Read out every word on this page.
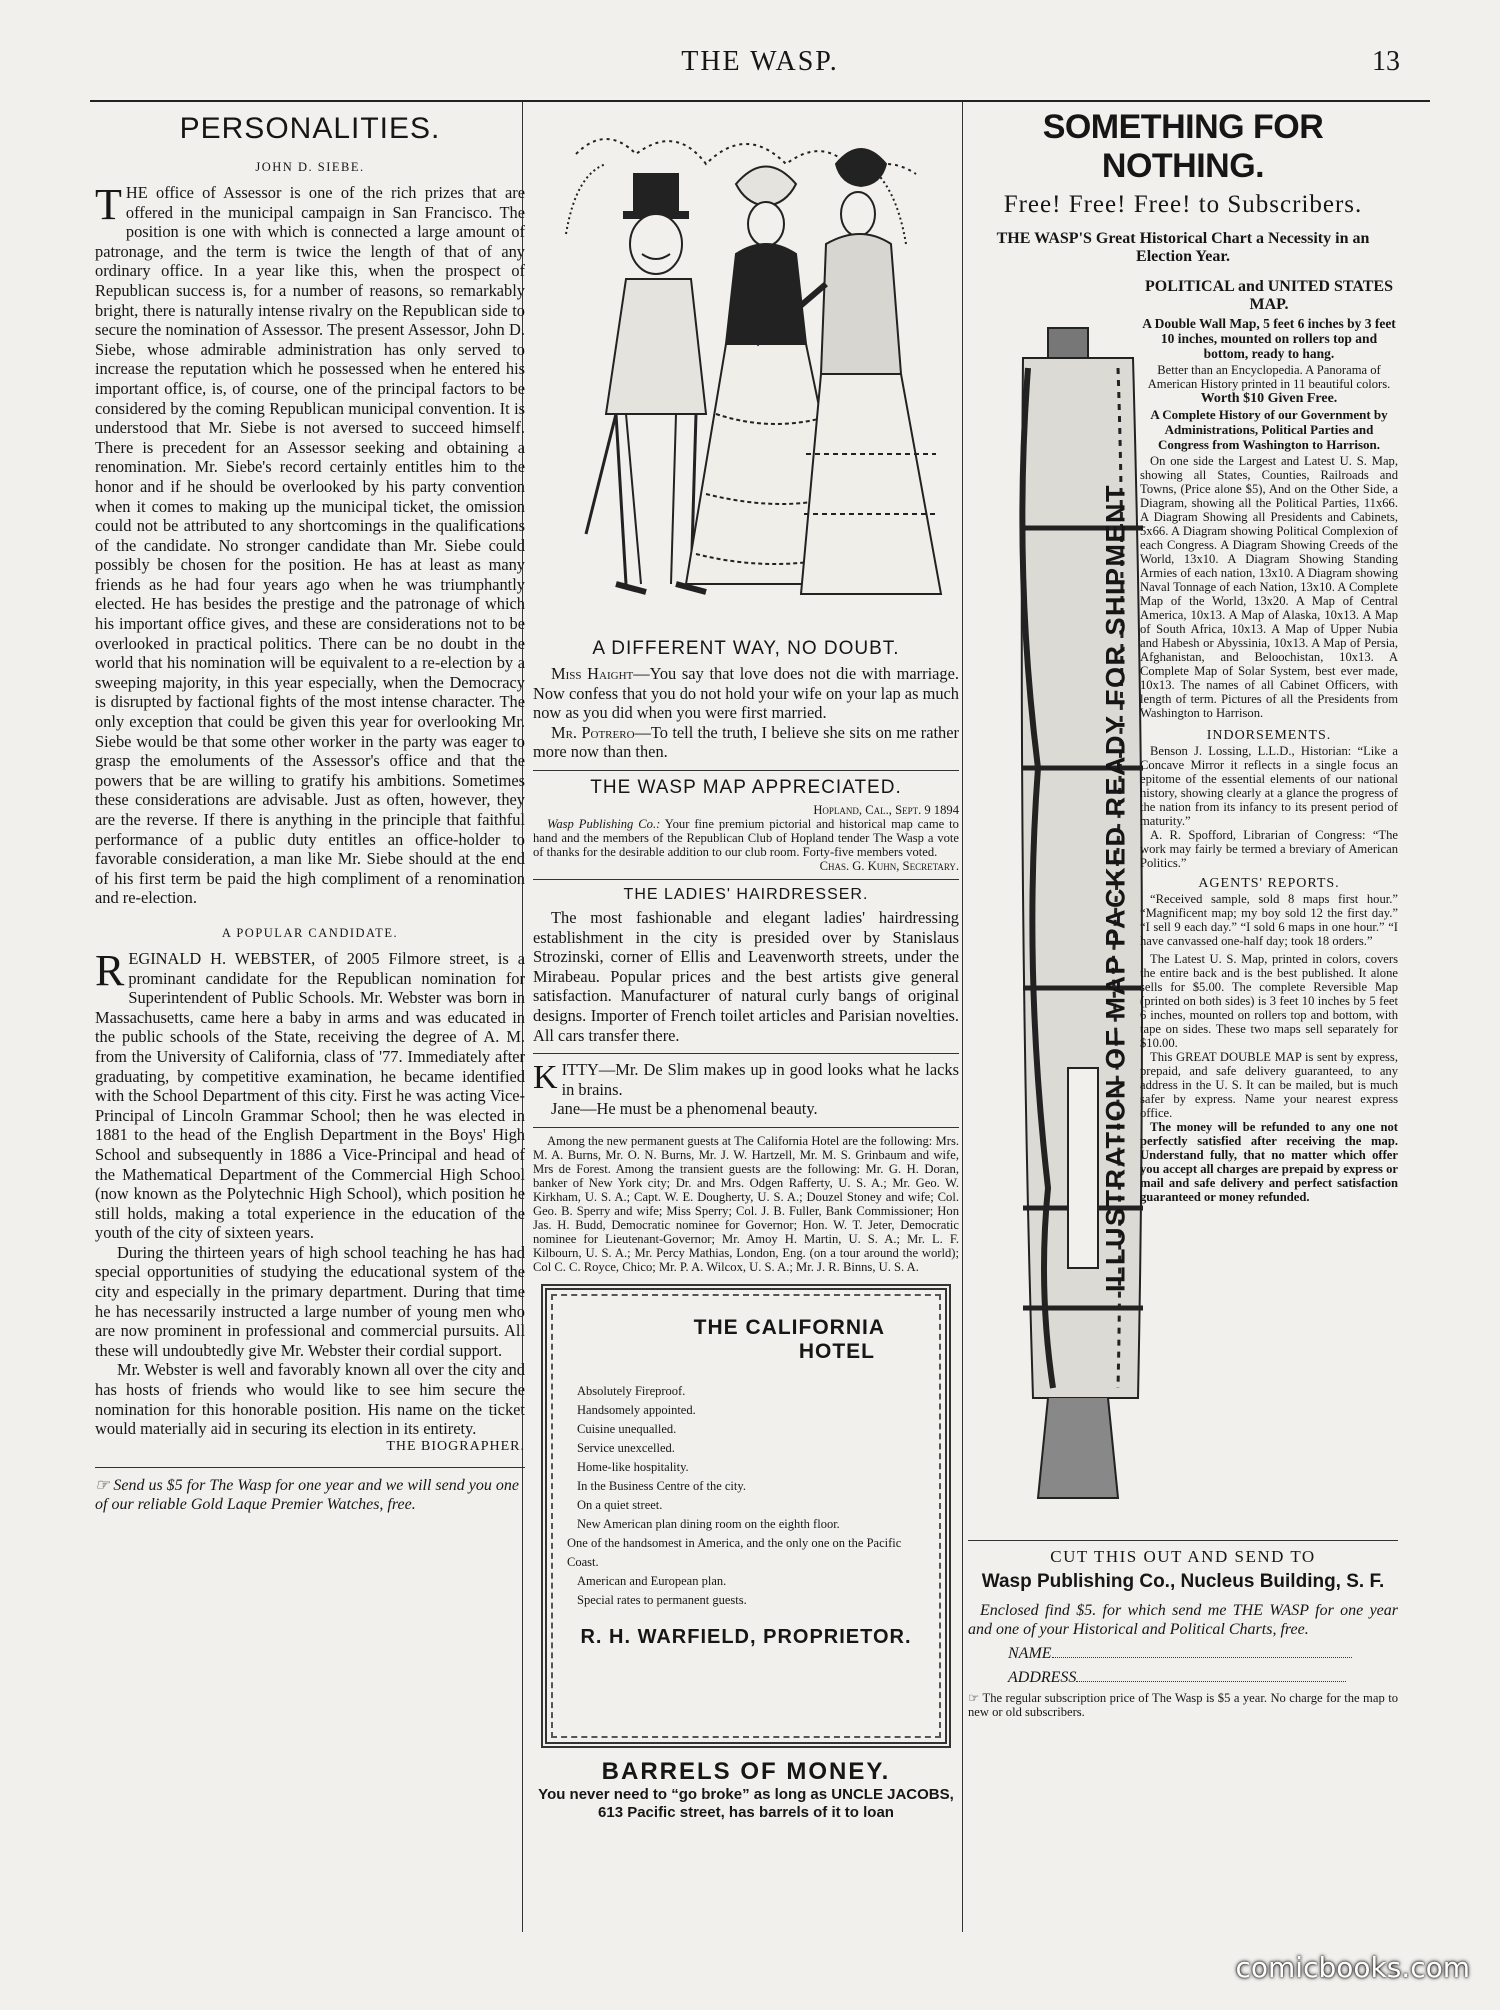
THE WASP.	13
PERSONALITIES.
JOHN D. SIEBE.

THE office of Assessor is one of the rich prizes that are offered in the municipal campaign in San Francisco. The position is one with which is connected a large amount of patronage, and the term is twice the length of that of any ordinary office. In a year like this, when the prospect of Republican success is, for a number of reasons, so remarkably bright, there is naturally intense rivalry on the Republican side to secure the nomination of Assessor. The present Assessor, John D. Siebe, whose admirable administration has only served to increase the reputation which he possessed when he entered his important office, is, of course, one of the principal factors to be considered by the coming Republican municipal convention. It is understood that Mr. Siebe is not aversed to succeed himself. There is precedent for an Assessor seeking and obtaining a renomination. Mr. Siebe's record certainly entitles him to the honor and if he should be overlooked by his party convention when it comes to making up the municipal ticket, the omission could not be attributed to any shortcomings in the qualifications of the candidate. No stronger candidate than Mr. Siebe could possibly be chosen for the position. He has at least as many friends as he had four years ago when he was triumphantly elected. He has besides the prestige and the patronage of which his important office gives, and these are considerations not to be overlooked in practical politics. There can be no doubt in the world that his nomination will be equivalent to a re-election by a sweeping majority, in this year especially, when the Democracy is disrupted by factional fights of the most intense character. The only exception that could be given this year for overlooking Mr. Siebe would be that some other worker in the party was eager to grasp the emoluments of the Assessor's office and that the powers that be are willing to gratify his ambitions. Sometimes these considerations are advisable. Just as often, however, they are the reverse. If there is anything in the principle that faithful performance of a public duty entitles an office-holder to favorable consideration, a man like Mr. Siebe should at the end of his first term be paid the high compliment of a renomination and re-election.

A POPULAR CANDIDATE.

REGINALD H. WEBSTER, of 2005 Filmore street, is a prominant candidate for the Republican nomination for Superintendent of Public Schools. Mr. Webster was born in Massachusetts, came here a baby in arms and was educated in the public schools of the State, receiving the degree of A. M. from the University of California, class of '77. Immediately after graduating, by competitive examination, he became identified with the School Department of this city. First he was acting Vice-Principal of Lincoln Grammar School; then he was elected in 1881 to the head of the English Department in the Boys' High School and subsequently in 1886 a Vice-Principal and head of the Mathematical Department of the Commercial High School (now known as the Polytechnic High School), which position he still holds, making a total experience in the education of the youth of the city of sixteen years.

During the thirteen years of high school teaching he has had special opportunities of studying the educational system of the city and especially in the primary department. During that time he has necessarily instructed a large number of young men who are now prominent in professional and commercial pursuits. All these will undoubtedly give Mr. Webster their cordial support.

Mr. Webster is well and favorably known all over the city and has hosts of friends who would like to see him secure the nomination for this honorable position. His name on the ticket would materially aid in securing its election in its entirety.

THE BIOGRAPHER.

☞ Send us $5 for The Wasp for one year and we will send you one of our reliable Gold Laque Premier Watches, free.

A DIFFERENT WAY, NO DOUBT.

Miss Haight—You say that love does not die with marriage. Now confess that you do not hold your wife on your lap as much now as you did when you were first married.

Mr. Potrero—To tell the truth, I believe she sits on me rather more now than then.

THE WASP MAP APPRECIATED.
Hopland, Cal., Sept. 9 1894

Wasp Publishing Co.: Your fine premium pictorial and historical map came to hand and the members of the Republican Club of Hopland tender The Wasp a vote of thanks for the desirable addition to our club room. Forty-five members voted.

Chas. G. Kuhn, Secretary.
THE LADIES' HAIRDRESSER.

The most fashionable and elegant ladies' hairdressing establishment in the city is presided over by Stanislaus Strozinski, corner of Ellis and Leavenworth streets, under the Mirabeau. Popular prices and the best artists give general satisfaction. Manufacturer of natural curly bangs of original designs. Importer of French toilet articles and Parisian novelties. All cars transfer there.

KITTY—Mr. De Slim makes up in good looks what he lacks in brains.

Jane—He must be a phenomenal beauty.

Among the new permanent guests at The California Hotel are the following: Mrs. M. A. Burns, Mr. O. N. Burns, Mr. J. W. Hartzell, Mr. M. S. Grinbaum and wife, Mrs de Forest. Among the transient guests are the following: Mr. G. H. Doran, banker of New York city; Dr. and Mrs. Odgen Rafferty, U. S. A.; Mr. Geo. W. Kirkham, U. S. A.; Capt. W. E. Dougherty, U. S. A.; Douzel Stoney and wife; Col. Geo. B. Sperry and wife; Miss Sperry; Col. J. B. Fuller, Bank Commissioner; Hon Jas. H. Budd, Democratic nominee for Governor; Hon. W. T. Jeter, Democratic nominee for Lieutenant-Governor; Mr. Amoy H. Martin, U. S. A.; Mr. L. F. Kilbourn, U. S. A.; Mr. Percy Mathias, London, Eng. (on a tour around the world); Col C. C. Royce, Chico; Mr. P. A. Wilcox, U. S. A.; Mr. J. R. Binns, U. S. A.

THE CALIFORNIA
HOTEL
Absolutely Fireproof.
Handsomely appointed.
Cuisine unequalled.
Service unexcelled.
Home-like hospitality.
In the Business Centre of the city.
On a quiet street.
New American plan dining room on the eighth floor.
One of the handsomest in America, and the only one on the Pacific Coast.
American and European plan.
Special rates to permanent guests.
R. H. WARFIELD, PROPRIETOR.
BARRELS OF MONEY.
You never need to “go broke” as long as UNCLE JACOBS, 613 Pacific street, has barrels of it to loan
SOMETHING FOR NOTHING.
Free! Free! Free! to Subscribers.
THE WASP'S Great Historical Chart a Necessity in an Election Year.
ILLUSTRATION OF MAP PACKED READY FOR SHIPMENT
POLITICAL and UNITED STATES MAP.
A Double Wall Map, 5 feet 6 inches by 3 feet 10 inches, mounted on rollers top and bottom, ready to hang.
Better than an Encyclopedia. A Panorama of American History printed in 11 beautiful colors.
Worth $10 Given Free.
A Complete History of our Government by Administrations, Political Parties and Congress from Washington to Harrison.

On one side the Largest and Latest U. S. Map, showing all States, Counties, Railroads and Towns, (Price alone $5), And on the Other Side, a Diagram, showing all the Political Parties, 11x66. A Diagram Showing all Presidents and Cabinets, 5x66. A Diagram showing Political Complexion of each Congress. A Diagram Showing Creeds of the World, 13x10. A Diagram Showing Standing Armies of each nation, 13x10. A Diagram showing Naval Tonnage of each Nation, 13x10. A Complete Map of the World, 13x20. A Map of Central America, 10x13. A Map of Alaska, 10x13. A Map of South Africa, 10x13. A Map of Upper Nubia and Habesh or Abyssinia, 10x13. A Map of Persia, Afghanistan, and Beloochistan, 10x13. A Complete Map of Solar System, best ever made, 10x13. The names of all Cabinet Officers, with length of term. Pictures of all the Presidents from Washington to Harrison.

INDORSEMENTS.

Benson J. Lossing, L.L.D., Historian: “Like a Concave Mirror it reflects in a single focus an epitome of the essential elements of our national history, showing clearly at a glance the progress of the nation from its infancy to its present period of maturity.”

A. R. Spofford, Librarian of Congress: “The work may fairly be termed a breviary of American Politics.”

AGENTS' REPORTS.

“Received sample, sold 8 maps first hour.” “Magnificent map; my boy sold 12 the first day.” “I sell 9 each day.” “I sold 6 maps in one hour.” “I have canvassed one-half day; took 18 orders.”

The Latest U. S. Map, printed in colors, covers the entire back and is the best published. It alone sells for $5.00. The complete Reversible Map (printed on both sides) is 3 feet 10 inches by 5 feet 6 inches, mounted on rollers top and bottom, with tape on sides. These two maps sell separately for $10.00.

This GREAT DOUBLE MAP is sent by express, prepaid, and safe delivery guaranteed, to any address in the U. S. It can be mailed, but is much safer by express. Name your nearest express office.

The money will be refunded to any one not perfectly satisfied after receiving the map. Understand fully, that no matter which offer you accept all charges are prepaid by express or mail and safe delivery and perfect satisfaction guaranteed or money refunded.

CUT THIS OUT AND SEND TO
Wasp Publishing Co., Nucleus Building, S. F.

Enclosed find $5. for which send me THE WASP for one year and one of your Historical and Political Charts, free.

NAME
ADDRESS

☞ The regular subscription price of The Wasp is $5 a year. No charge for the map to new or old subscribers.

comicbooks.com
